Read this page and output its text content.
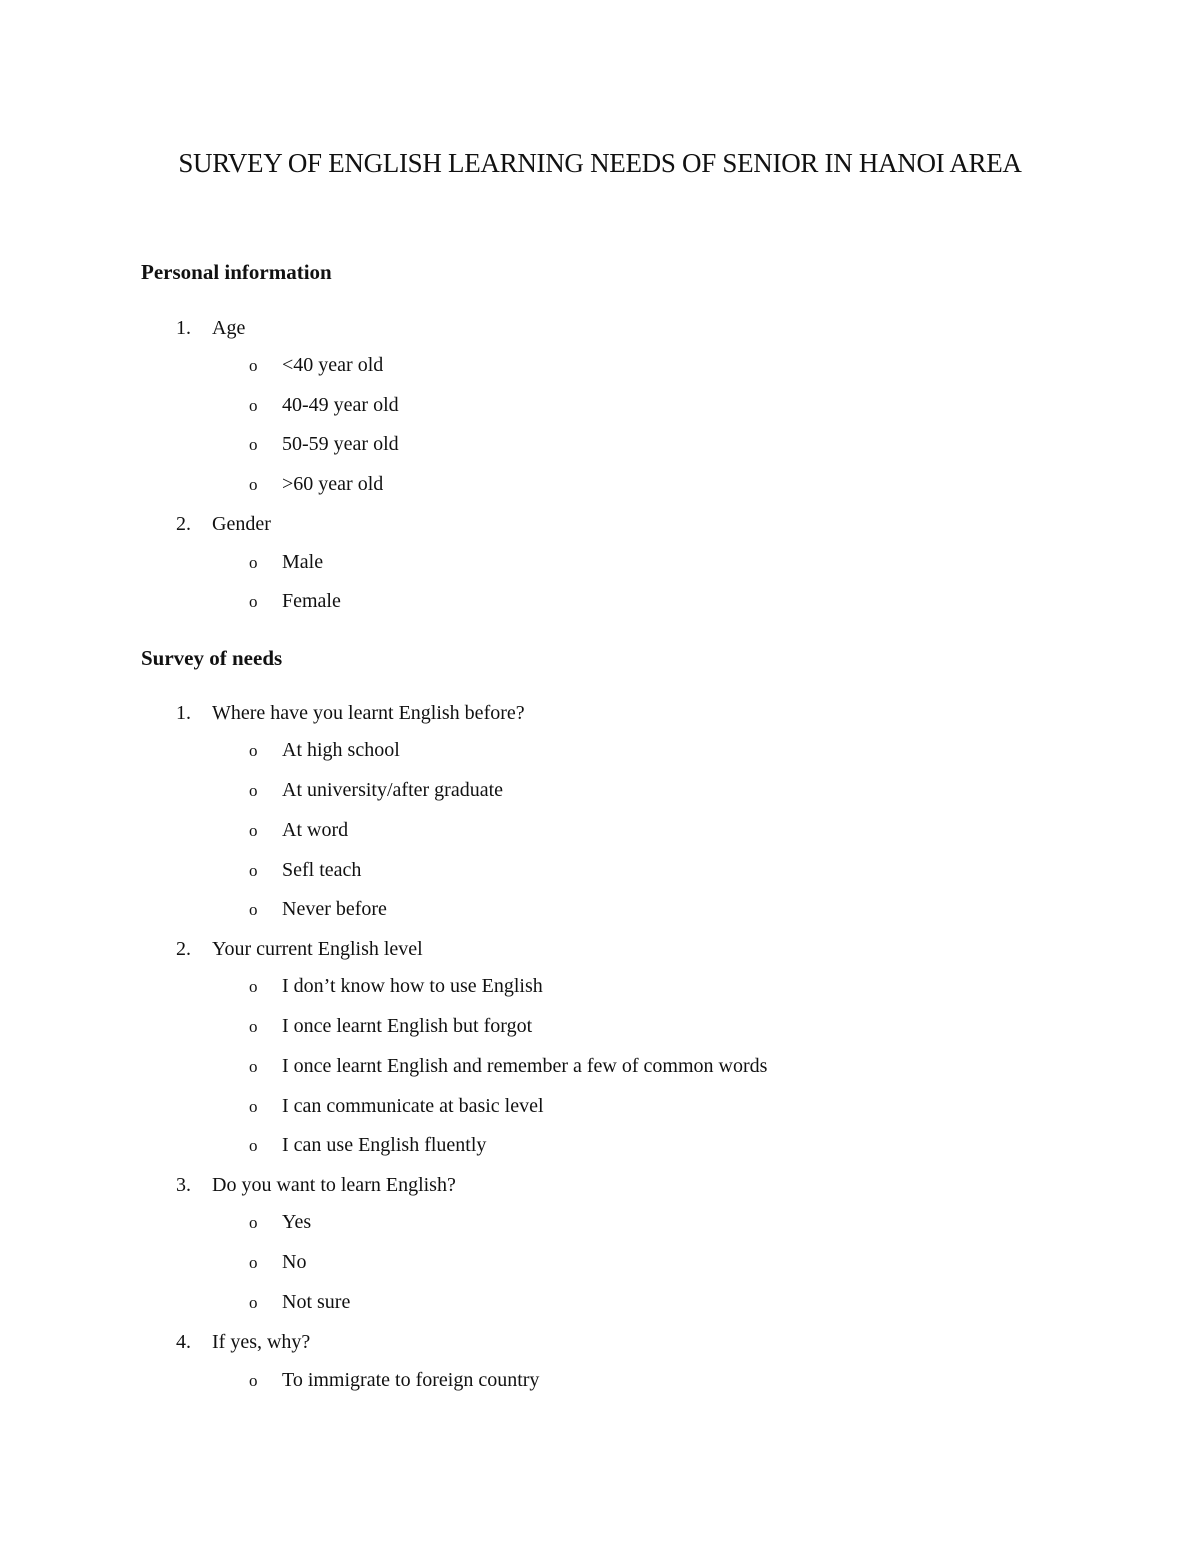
SURVEY OF ENGLISH LEARNING NEEDS OF SENIOR IN HANOI AREA
Personal information
1. Age
o <40 year old
o 40-49 year old
o 50-59 year old
o >60 year old
2. Gender
o Male
o Female
Survey of needs
1. Where have you learnt English before?
o At high school
o At university/after graduate
o At word
o Sefl teach
o Never before
2. Your current English level
o I don’t know how to use English
o I once learnt English but forgot
o I once learnt English and remember a few of common words
o I can communicate at basic level
o I can use English fluently
3. Do you want to learn English?
o Yes
o No
o Not sure
4. If yes, why?
o To immigrate to foreign country
